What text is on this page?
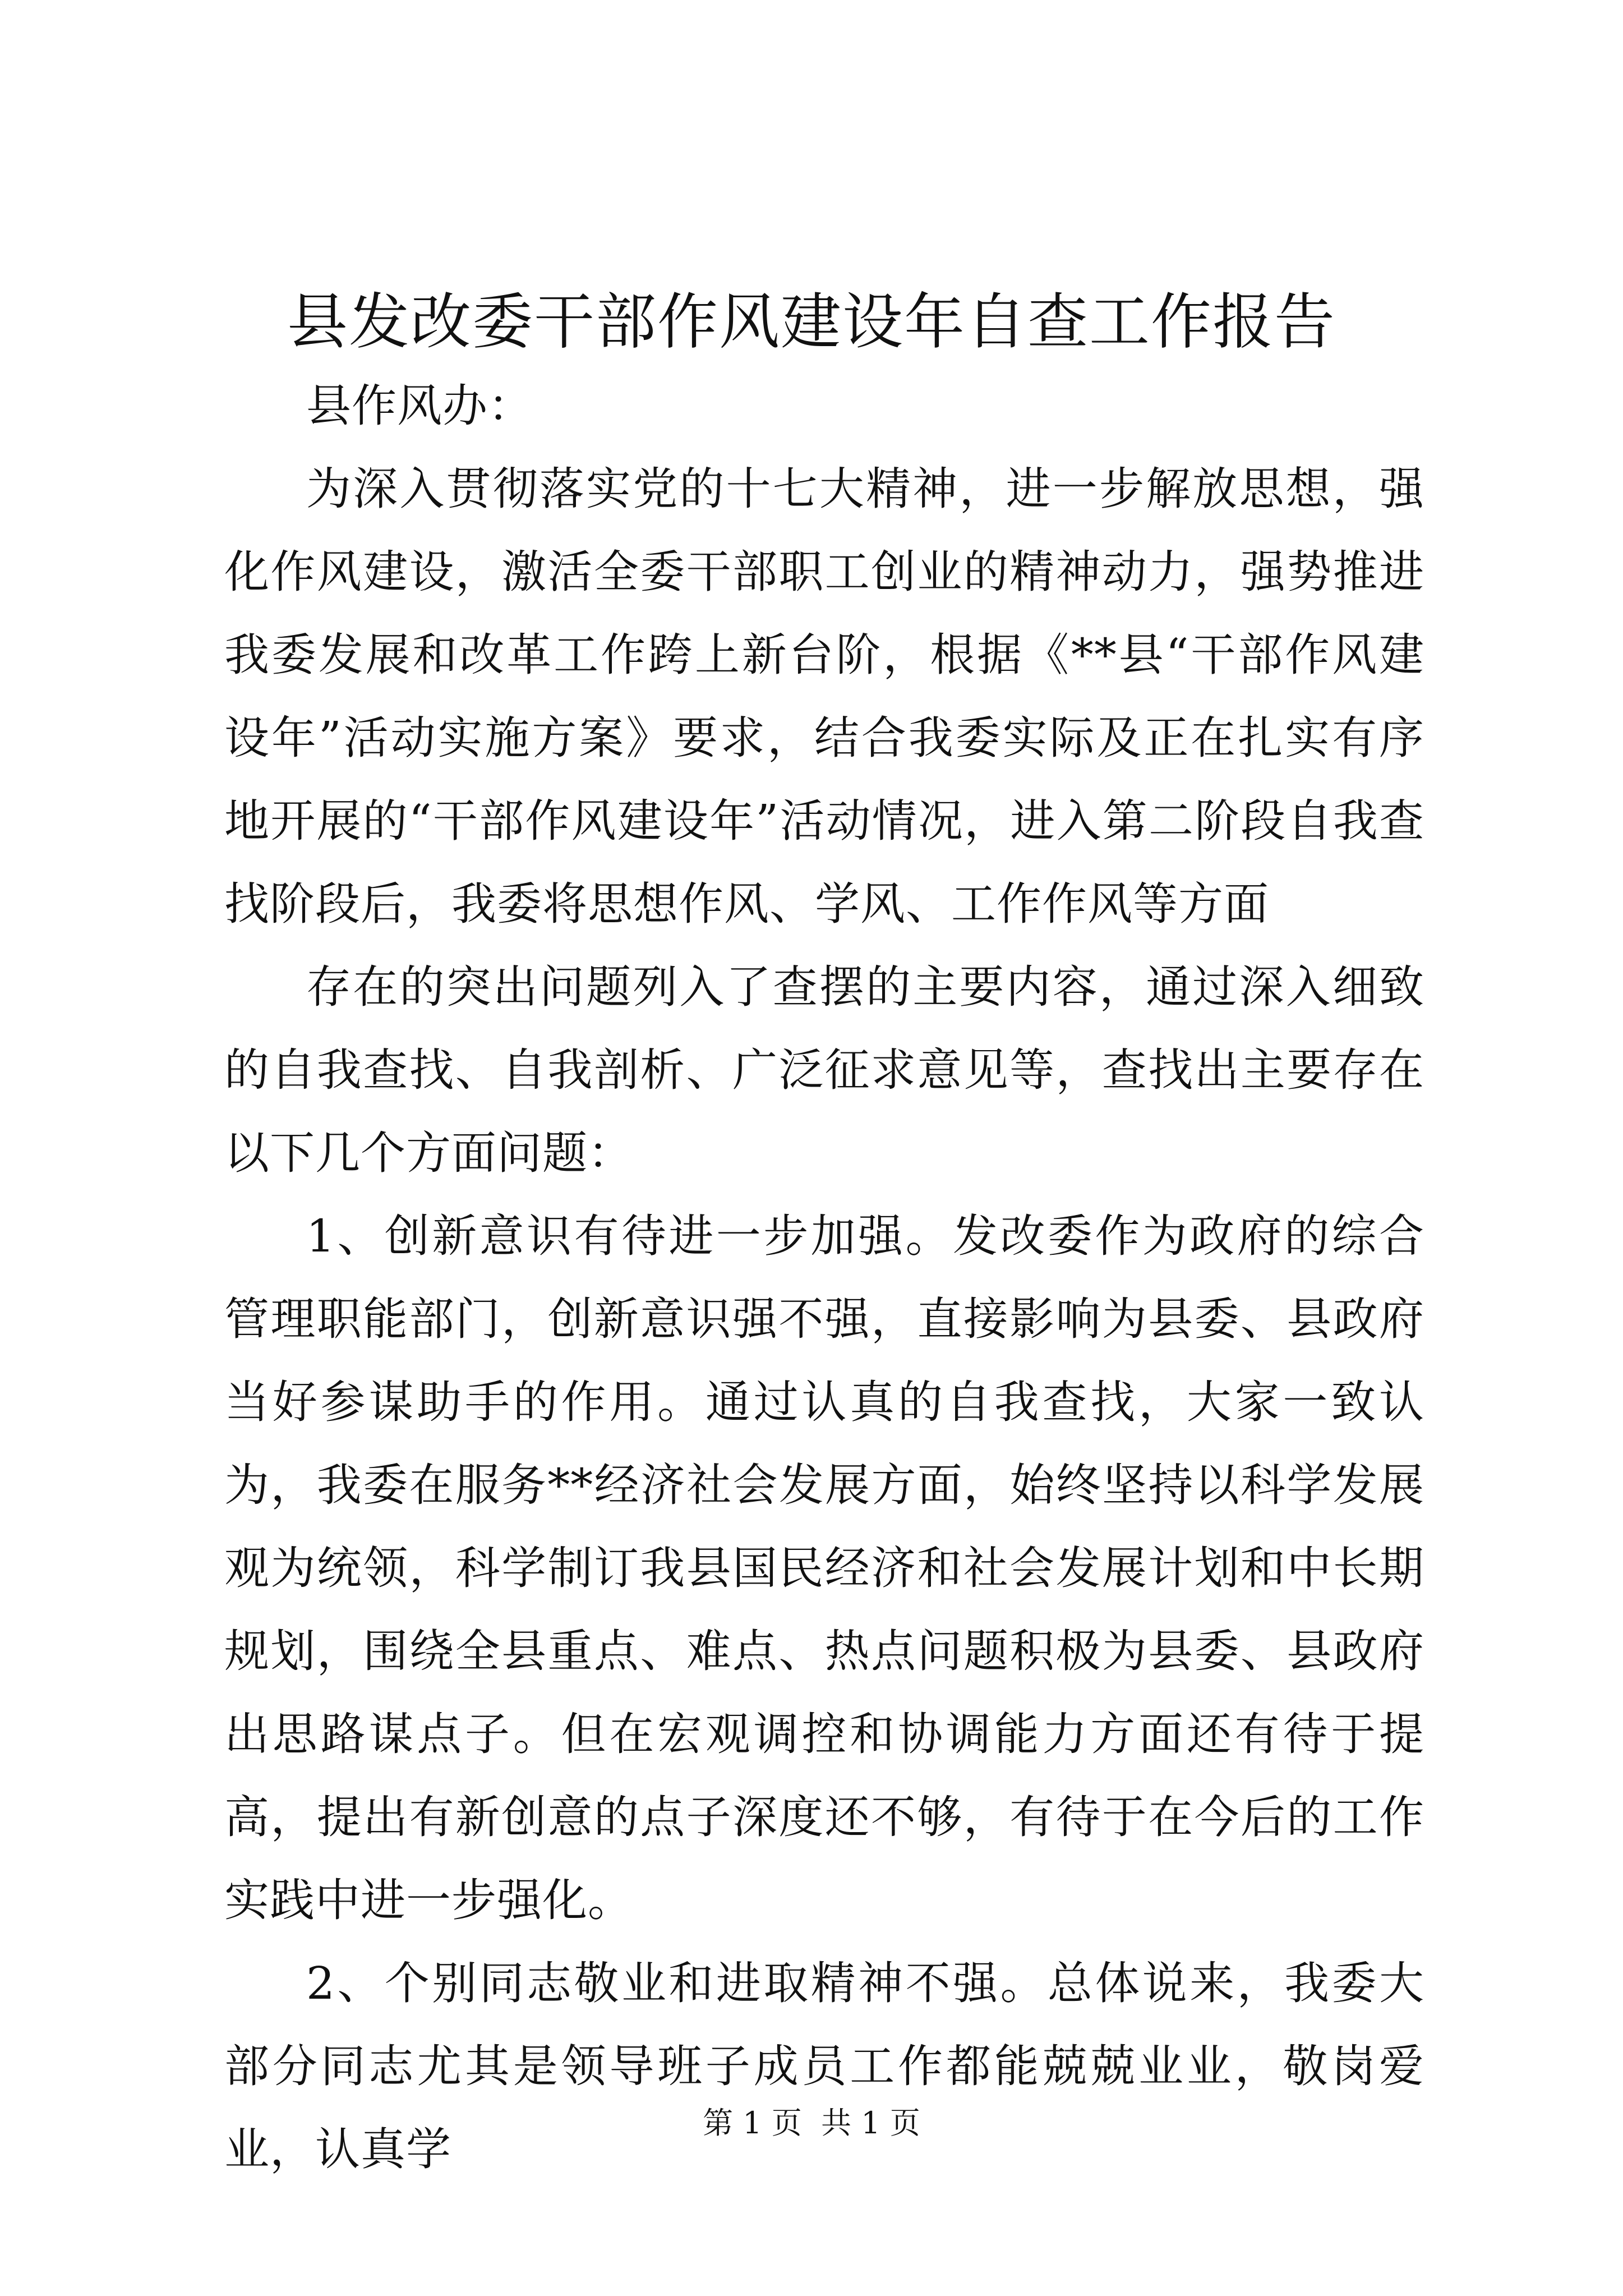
县发改委干部作风建设年自查工作报告

县作风办：

为深入贯彻落实党的十七大精神，进一步解放思想，强化作风建设，激活全委干部职工创业的精神动力，强势推进我委发展和改革工作跨上新台阶，根据《**县“干部作风建设年”活动实施方案》要求，结合我委实际及正在扎实有序地开展的“干部作风建设年”活动情况，进入第二阶段自我查找阶段后，我委将思想作风、学风、工作作风等方面

存在的突出问题列入了查摆的主要内容，通过深入细致的自我查找、自我剖析、广泛征求意见等，查找出主要存在以下几个方面问题：

1、创新意识有待进一步加强。发改委作为政府的综合管理职能部门，创新意识强不强，直接影响为县委、县政府当好参谋助手的作用。通过认真的自我查找，大家一致认为，我委在服务**经济社会发展方面，始终坚持以科学发展观为统领，科学制订我县国民经济和社会发展计划和中长期规划，围绕全县重点、难点、热点问题积极为县委、县政府出思路谋点子。但在宏观调控和协调能力方面还有待于提高，提出有新创意的点子深度还不够，有待于在今后的工作实践中进一步强化。

2、个别同志敬业和进取精神不强。总体说来，我委大部分同志尤其是领导班子成员工作都能兢兢业业，敬岗爱业，认真学

第 1 页  共 1 页
